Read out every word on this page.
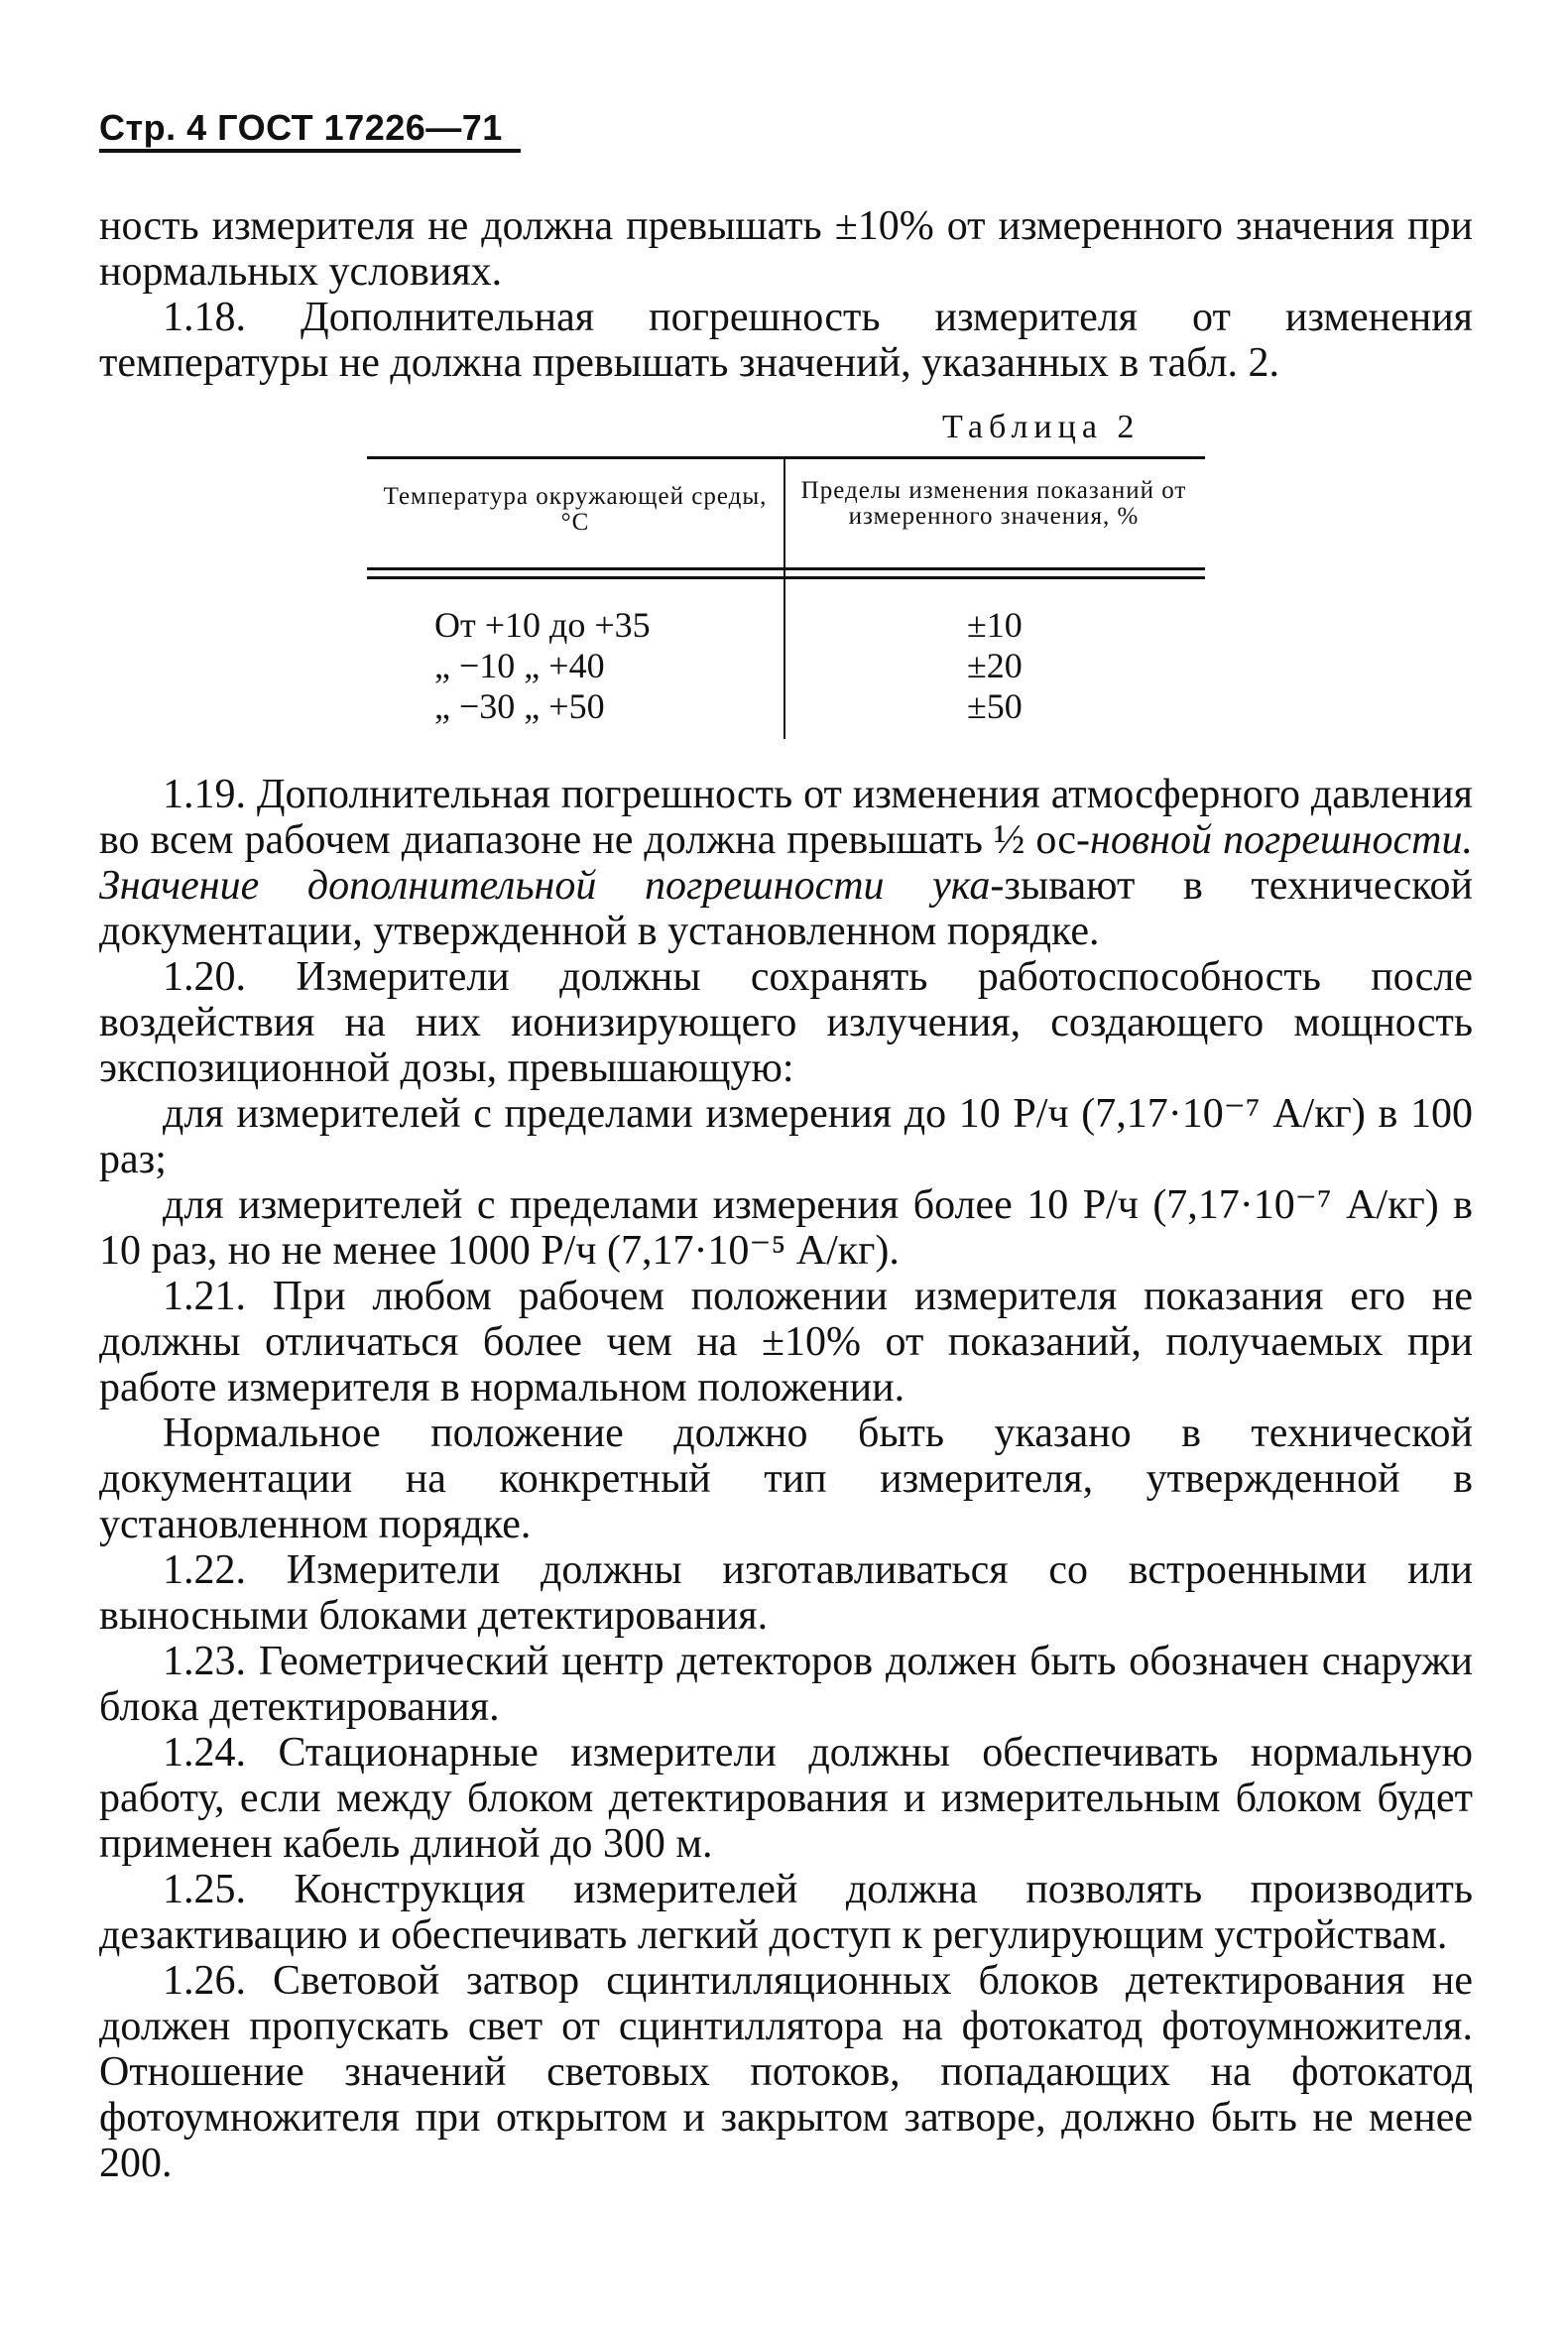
Стр. 4 ГОСТ 17226—71

ность измерителя не должна превышать ±10% от измеренного значения при нормальных условиях.

1.18. Дополнительная погрешность измерителя от изменения температуры не должна превышать значений, указанных в табл. 2.

Таблица 2
Температура окружающей среды, °С
Пределы изменения показаний от измеренного значения, %
От +10 до +35
„ −10 „ +40
„ −30 „ +50
±10
±20
±50

1.19. Дополнительная погрешность от изменения атмосферного давления во всем рабочем диапазоне не должна превышать ½ ос-новной погрешности. Значение дополнительной погрешности ука-зывают в технической документации, утвержденной в установленном порядке.

1.20. Измерители должны сохранять работоспособность после воздействия на них ионизирующего излучения, создающего мощность экспозиционной дозы, превышающую:

для измерителей с пределами измерения до 10 Р/ч (7,17·10⁻⁷ А/кг) в 100 раз;

для измерителей с пределами измерения более 10 Р/ч (7,17·10⁻⁷ А/кг) в 10 раз, но не менее 1000 Р/ч (7,17·10⁻⁵ А/кг).

1.21. При любом рабочем положении измерителя показания его не должны отличаться более чем на ±10% от показаний, получаемых при работе измерителя в нормальном положении.

Нормальное положение должно быть указано в технической документации на конкретный тип измерителя, утвержденной в установленном порядке.

1.22. Измерители должны изготавливаться со встроенными или выносными блоками детектирования.

1.23. Геометрический центр детекторов должен быть обозначен снаружи блока детектирования.

1.24. Стационарные измерители должны обеспечивать нормальную работу, если между блоком детектирования и измерительным блоком будет применен кабель длиной до 300 м.

1.25. Конструкция измерителей должна позволять производить дезактивацию и обеспечивать легкий доступ к регулирующим устройствам.

1.26. Световой затвор сцинтилляционных блоков детектирования не должен пропускать свет от сцинтиллятора на фотокатод фотоумножителя. Отношение значений световых потоков, попадающих на фотокатод фотоумножителя при открытом и закрытом затворе, должно быть не менее 200.
